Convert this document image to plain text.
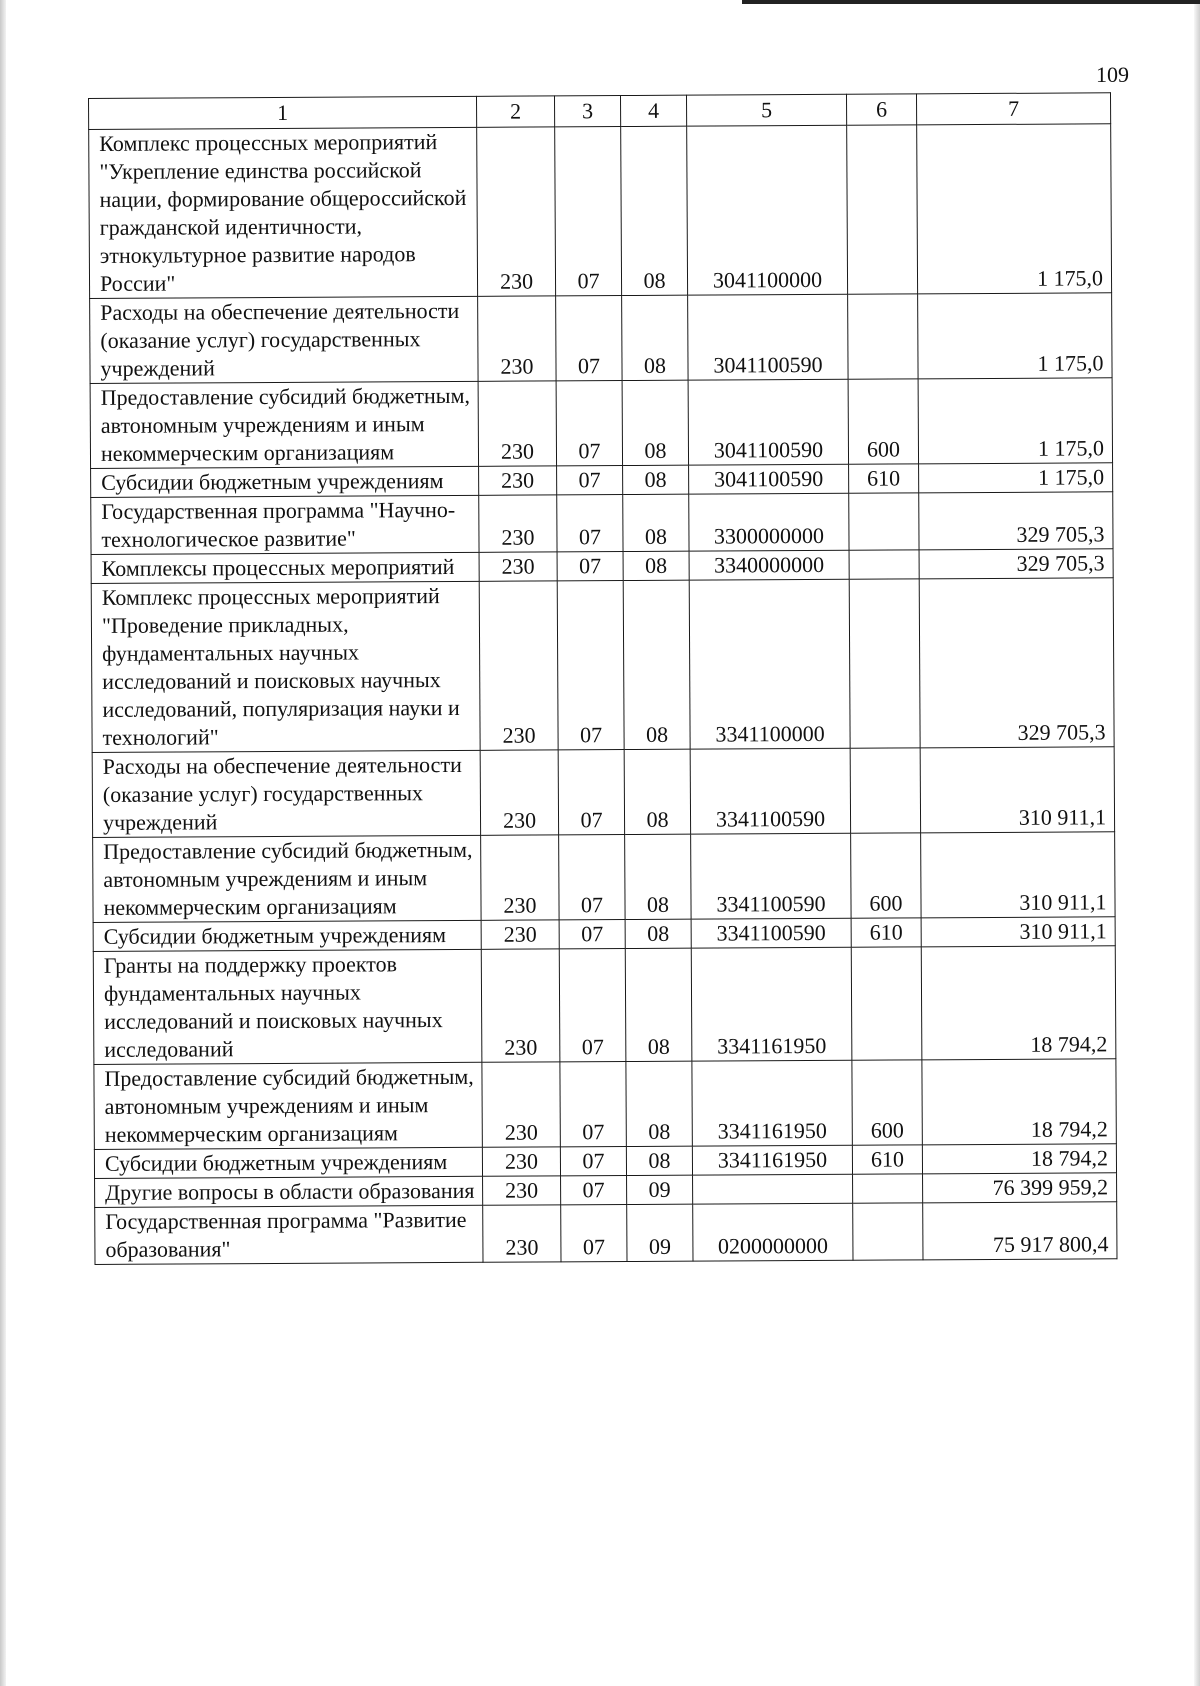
109
1	2	3	4	5	6	7
Комплекс процессных мероприятий "Укрепление единства российской нации, формирование общероссийской гражданской идентичности, этнокультурное развитие народов России"	230	07	08	3041100000		1 175,0
Расходы на обеспечение деятельности (оказание услуг) государственных учреждений	230	07	08	3041100590		1 175,0
Предоставление субсидий бюджетным, автономным учреждениям и иным некоммерческим организациям	230	07	08	3041100590	600	1 175,0
Субсидии бюджетным учреждениям	230	07	08	3041100590	610	1 175,0
Государственная программа "Научно-технологическое развитие"	230	07	08	3300000000		329 705,3
Комплексы процессных мероприятий	230	07	08	3340000000		329 705,3
Комплекс процессных мероприятий "Проведение прикладных, фундаментальных научных исследований и поисковых научных исследований, популяризация науки и технологий"	230	07	08	3341100000		329 705,3
Расходы на обеспечение деятельности (оказание услуг) государственных учреждений	230	07	08	3341100590		310 911,1
Предоставление субсидий бюджетным, автономным учреждениям и иным некоммерческим организациям	230	07	08	3341100590	600	310 911,1
Субсидии бюджетным учреждениям	230	07	08	3341100590	610	310 911,1
Гранты на поддержку проектов фундаментальных научных исследований и поисковых научных исследований	230	07	08	3341161950		18 794,2
Предоставление субсидий бюджетным, автономным учреждениям и иным некоммерческим организациям	230	07	08	3341161950	600	18 794,2
Субсидии бюджетным учреждениям	230	07	08	3341161950	610	18 794,2
Другие вопросы в области образования	230	07	09			76 399 959,2
Государственная программа "Развитие образования"	230	07	09	0200000000		75 917 800,4
